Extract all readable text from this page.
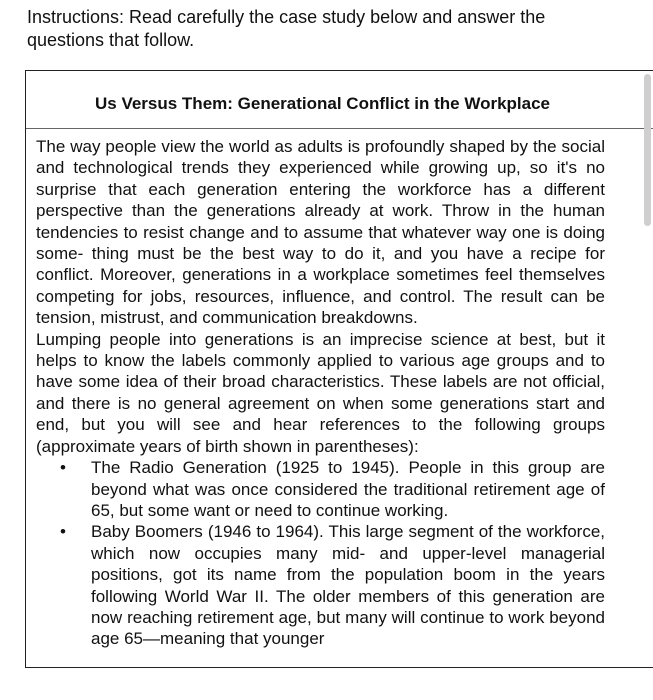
Instructions: Read carefully the case study below and answer the questions that follow.
Us Versus Them: Generational Conflict in the Workplace

The way people view the world as adults is profoundly shaped by the social and technological trends they experienced while growing up, so it's no surprise that each generation entering the workforce has a different perspective than the generations already at work. Throw in the human tendencies to resist change and to assume that whatever way one is doing some- thing must be the best way to do it, and you have a recipe for conflict. Moreover, generations in a workplace sometimes feel themselves competing for jobs, resources, influence, and control. The result can be tension, mistrust, and communication breakdowns.

Lumping people into generations is an imprecise science at best, but it helps to know the labels commonly applied to various age groups and to have some idea of their broad characteristics. These labels are not official, and there is no general agreement on when some generations start and end, but you will see and hear references to the following groups (approximate years of birth shown in parentheses):

• The Radio Generation (1925 to 1945). People in this group are beyond what was once considered the traditional retirement age of 65, but some want or need to continue working.
• Baby Boomers (1946 to 1964). This large segment of the workforce, which now occupies many mid- and upper-level managerial positions, got its name from the population boom in the years following World War II. The older members of this generation are now reaching retirement age, but many will continue to work beyond age 65—meaning that younger
